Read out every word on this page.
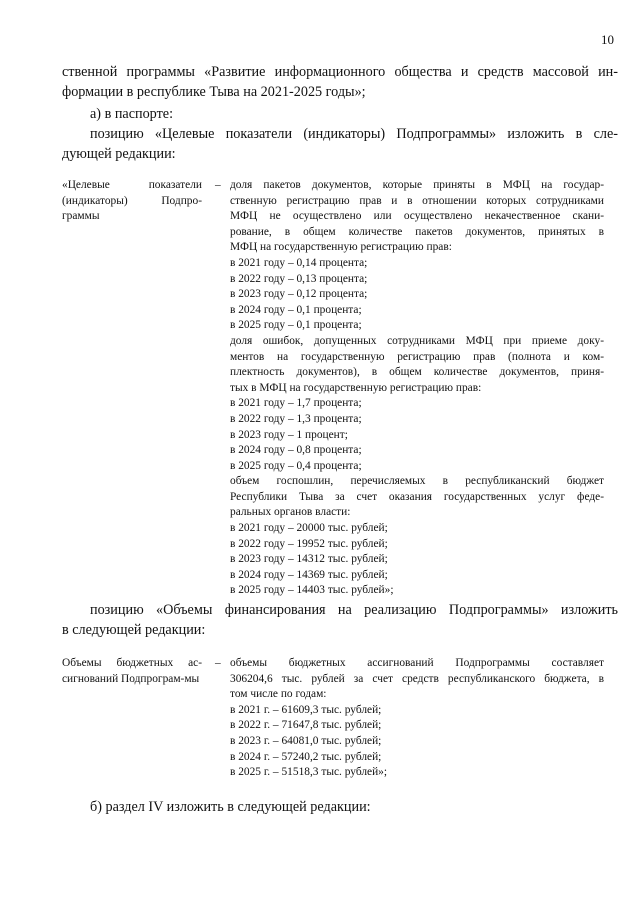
10
ственной программы «Развитие информационного общества и средств массовой ин-
формации в республике Тыва на 2021-2025 годы»;
а) в паспорте:
позицию «Целевые показатели (индикаторы) Подпрограммы» изложить в сле-
дующей редакции:
«Целевые показатели (индикаторы) Подпро-граммы
– доля пакетов документов, которые приняты в МФЦ на государ-
ственную регистрацию прав и в отношении которых сотрудниками
МФЦ не осуществлено или осуществлено некачественное скани-
рование, в общем количестве пакетов документов, принятых в
МФЦ на государственную регистрацию прав:
в 2021 году – 0,14 процента;
в 2022 году – 0,13 процента;
в 2023 году – 0,12 процента;
в 2024 году – 0,1 процента;
в 2025 году – 0,1 процента;
доля ошибок, допущенных сотрудниками МФЦ при приеме доку-
ментов на государственную регистрацию прав (полнота и ком-
плектность документов), в общем количестве документов, приня-
тых в МФЦ на государственную регистрацию прав:
в 2021 году – 1,7 процента;
в 2022 году – 1,3 процента;
в 2023 году – 1 процент;
в 2024 году – 0,8 процента;
в 2025 году – 0,4 процента;
объем госпошлин, перечисляемых в республиканский бюджет
Республики Тыва за счет оказания государственных услуг феде-
ральных органов власти:
в 2021 году – 20000 тыс. рублей;
в 2022 году – 19952 тыс. рублей;
в 2023 году – 14312 тыс. рублей;
в 2024 году – 14369 тыс. рублей;
в 2025 году – 14403 тыс. рублей»;
позицию «Объемы финансирования на реализацию Подпрограммы» изложить
в следующей редакции:
Объемы бюджетных ас-сигнований Подпрограм-мы
– объемы бюджетных ассигнований Подпрограммы составляет
306204,6 тыс. рублей за счет средств республиканского бюджета, в
том числе по годам:
в 2021 г. – 61609,3 тыс. рублей;
в 2022 г. – 71647,8 тыс. рублей;
в 2023 г. – 64081,0 тыс. рублей;
в 2024 г. – 57240,2 тыс. рублей;
в 2025 г. – 51518,3 тыс. рублей»;
б) раздел IV изложить в следующей редакции:
